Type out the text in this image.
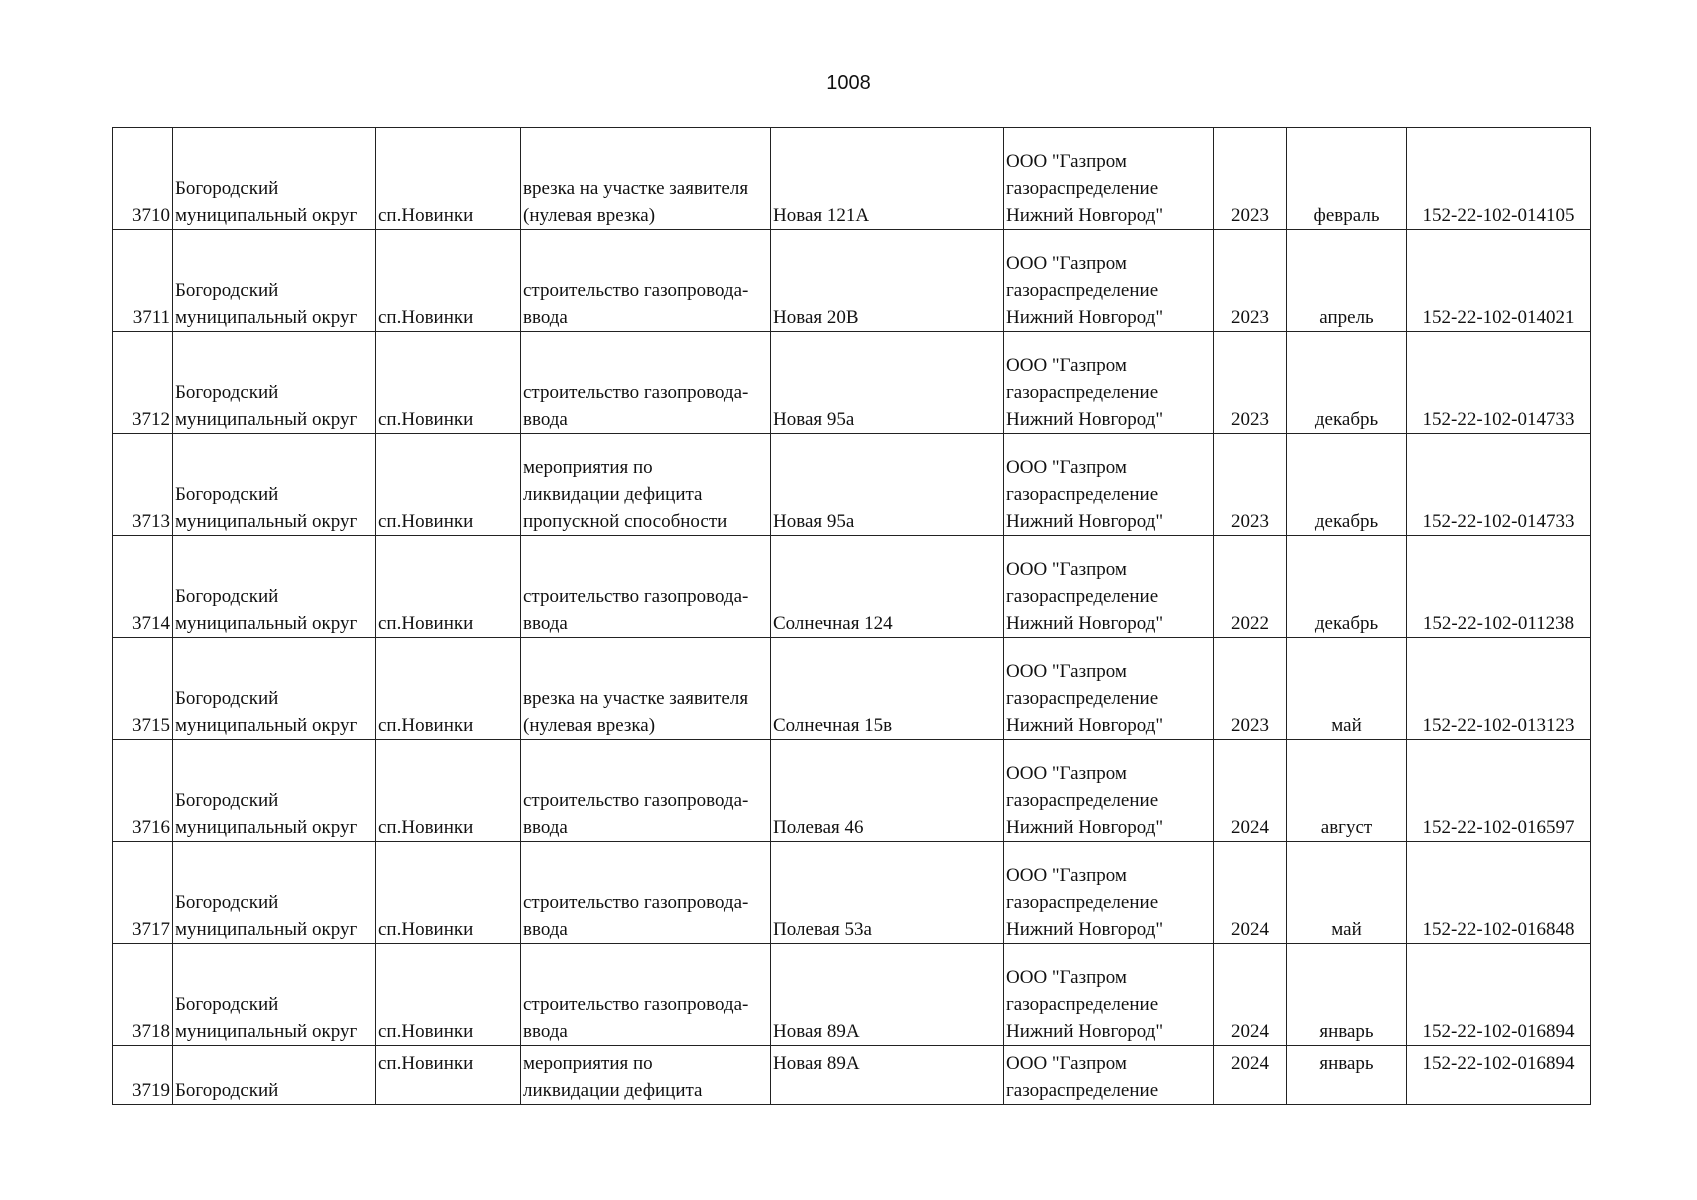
1008
3710	Богородский
муниципальный округ	сп.Новинки	врезка на участке заявителя
(нулевая врезка)	Новая 121А	ООО "Газпром
газораспределение
Нижний Новгород"	2023	февраль	152-22-102-014105

3711	Богородский
муниципальный округ	сп.Новинки	строительство газопровода-
ввода	Новая 20В	ООО "Газпром
газораспределение
Нижний Новгород"	2023	апрель	152-22-102-014021

3712	Богородский
муниципальный округ	сп.Новинки	строительство газопровода-
ввода	Новая 95а	ООО "Газпром
газораспределение
Нижний Новгород"	2023	декабрь	152-22-102-014733

3713	Богородский
муниципальный округ	сп.Новинки	мероприятия по
ликвидации дефицита
пропускной способности	Новая 95а	ООО "Газпром
газораспределение
Нижний Новгород"	2023	декабрь	152-22-102-014733

3714	Богородский
муниципальный округ	сп.Новинки	строительство газопровода-
ввода	Солнечная 124	ООО "Газпром
газораспределение
Нижний Новгород"	2022	декабрь	152-22-102-011238

3715	Богородский
муниципальный округ	сп.Новинки	врезка на участке заявителя
(нулевая врезка)	Солнечная 15в	ООО "Газпром
газораспределение
Нижний Новгород"	2023	май	152-22-102-013123

3716	Богородский
муниципальный округ	сп.Новинки	строительство газопровода-
ввода	Полевая 46	ООО "Газпром
газораспределение
Нижний Новгород"	2024	август	152-22-102-016597

3717	Богородский
муниципальный округ	сп.Новинки	строительство газопровода-
ввода	Полевая 53а	ООО "Газпром
газораспределение
Нижний Новгород"	2024	май	152-22-102-016848

3718	Богородский
муниципальный округ	сп.Новинки	строительство газопровода-
ввода	Новая 89А	ООО "Газпром
газораспределение
Нижний Новгород"	2024	январь	152-22-102-016894

3719	Богородский	сп.Новинки	мероприятия по
ликвидации дефицита	Новая 89А	ООО "Газпром
газораспределение	2024	январь	152-22-102-016894
